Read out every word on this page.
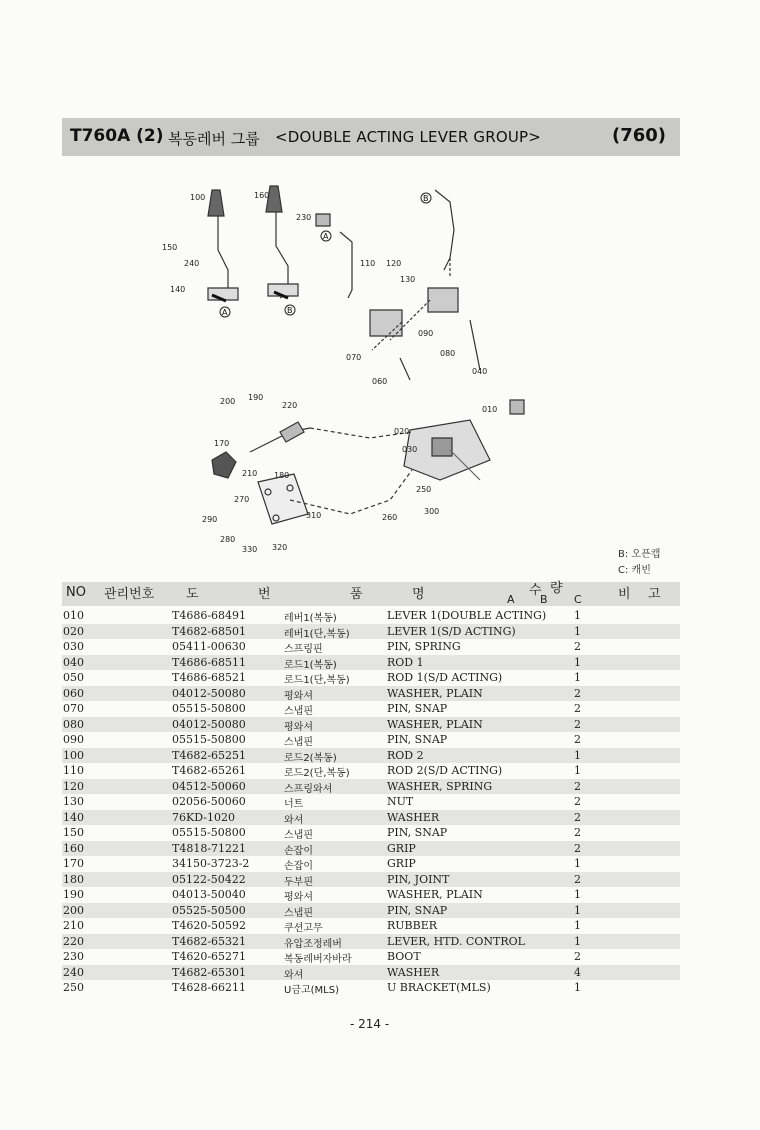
T760A (2) 복동레버 그룹 <DOUBLE ACTING LEVER GROUP>	(760)
100	160
150
240
140
230
110 120
130
010
090
070
060
080
040
020
030
250
260
300
170
210 180
200 190
220
270
290
280
330 320
310
A	B
A
B
B: 오픈캡
C: 캐빈
NO 관리번호 도	번	품	명	수 량
A B C	비 고
010	T4686-68491	레버1(복동)	LEVER 1(DOUBLE ACTING)	1
020	T4682-68501	레버1(단,복동)	LEVER 1(S/D ACTING)	1
030	05411-00630	스프링핀	PIN, SPRING	2
040	T4686-68511	로드1(복동)	ROD 1	1
050	T4686-68521	로드1(단,복동)	ROD 1(S/D ACTING)	1
060	04012-50080	평와셔	WASHER, PLAIN	2
070	05515-50800	스냅핀	PIN, SNAP	2
080	04012-50080	평와셔	WASHER, PLAIN	2
090	05515-50800	스냅핀	PIN, SNAP	2
100	T4682-65251	로드2(복동)	ROD 2	1
110	T4682-65261	로드2(단,복동)	ROD 2(S/D ACTING)	1
120	04512-50060	스프링와셔	WASHER, SPRING	2
130	02056-50060	너트	NUT	2
140	76KD-1020	와셔	WASHER	2
150	05515-50800	스냅핀	PIN, SNAP	2
160	T4818-71221	손잡이	GRIP	2
170	34150-3723-2	손잡이	GRIP	1
180	05122-50422	두부핀	PIN, JOINT	2
190	04013-50040	평와셔	WASHER, PLAIN	1
200	05525-50500	스냅핀	PIN, SNAP	1
210	T4620-50592	쿠션고무	RUBBER	1
220	T4682-65321	유압조정레버	LEVER, HTD. CONTROL	1
230	T4620-65271	복동레버자바라	BOOT	2
240	T4682-65301	와셔	WASHER	4
250	T4628-66211	U금고(MLS)	U BRACKET(MLS)	1
- 214 -
